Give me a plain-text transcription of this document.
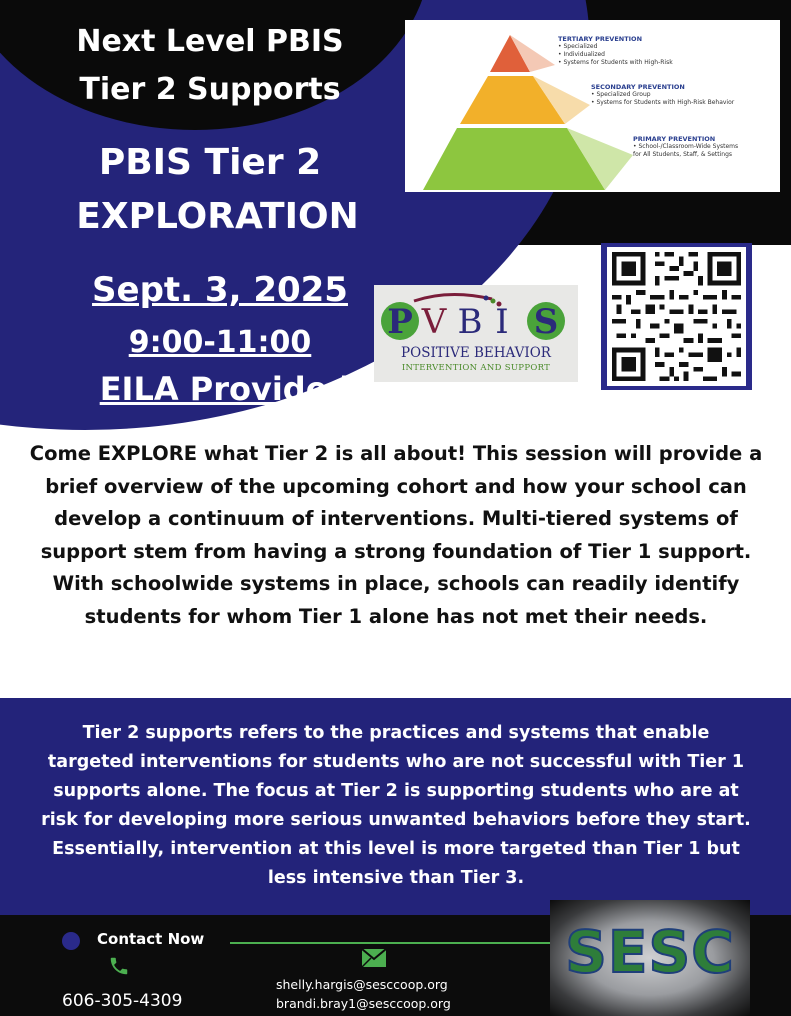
Next Level PBIS
Tier 2 Supports
PBIS Tier 2
EXPLORATION
Sept. 3, 2025
9:00-11:00
EILA Provided
TERTIARY PREVENTION
• Specialized
• Individualized
• Systems for Students with High-Risk
SECONDARY PREVENTION
• Specialized Group
• Systems for Students with High-Risk Behavior
PRIMARY PREVENTION
• School-/Classroom-Wide Systems
for All Students, Staff, & Settings
P V B I S
POSITIVE BEHAVIOR
INTERVENTION AND SUPPORT
Come EXPLORE what Tier 2 is all about! This session will provide a brief overview of the upcoming cohort and how your school can develop a continuum of interventions. Multi-tiered systems of support stem from having a strong foundation of Tier 1 support. With schoolwide systems in place, schools can readily identify students for whom Tier 1 alone has not met their needs.
Tier 2 supports refers to the practices and systems that enable targeted interventions for students who are not successful with Tier 1 supports alone. The focus at Tier 2 is supporting students who are at risk for developing more serious unwanted behaviors before they start. Essentially, intervention at this level is more targeted than Tier 1 but less intensive than Tier 3.
Contact Now
606-305-4309
shelly.hargis@sesccoop.org
brandi.bray1@sesccoop.org
SESC
